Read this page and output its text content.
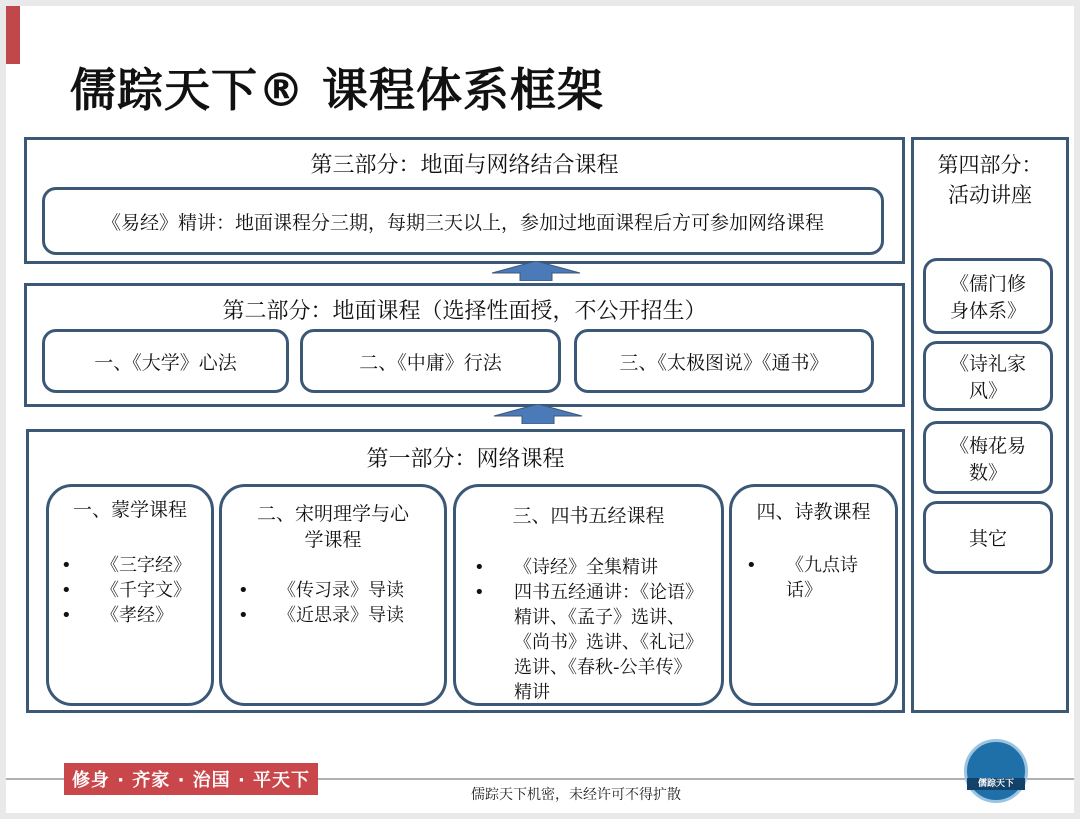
儒踪天下® 课程体系框架
第三部分：地面与网络结合课程
《易经》精讲：地面课程分三期，每期三天以上，参加过地面课程后方可参加网络课程
第二部分：地面课程（选择性面授，不公开招生）
一、《大学》心法	二、《中庸》行法	三、《太极图说》《通书》
第一部分：网络课程
一、蒙学课程
• 《三字经》
• 《千字文》
• 《孝经》
二、宋明理学与心学课程
• 《传习录》导读
• 《近思录》导读
三、四书五经课程
• 《诗经》全集精讲
• 四书五经通讲：《论语》精讲、《孟子》选讲、《尚书》选讲、《礼记》选讲、《春秋-公羊传》精讲
四、诗教课程
• 《九点诗话》
第四部分：活动讲座
《儒门修身体系》
《诗礼家风》
《梅花易数》
其它
修身 · 齐家 · 治国 · 平天下
儒踪天下机密，未经许可不得扩散
儒踪天下
